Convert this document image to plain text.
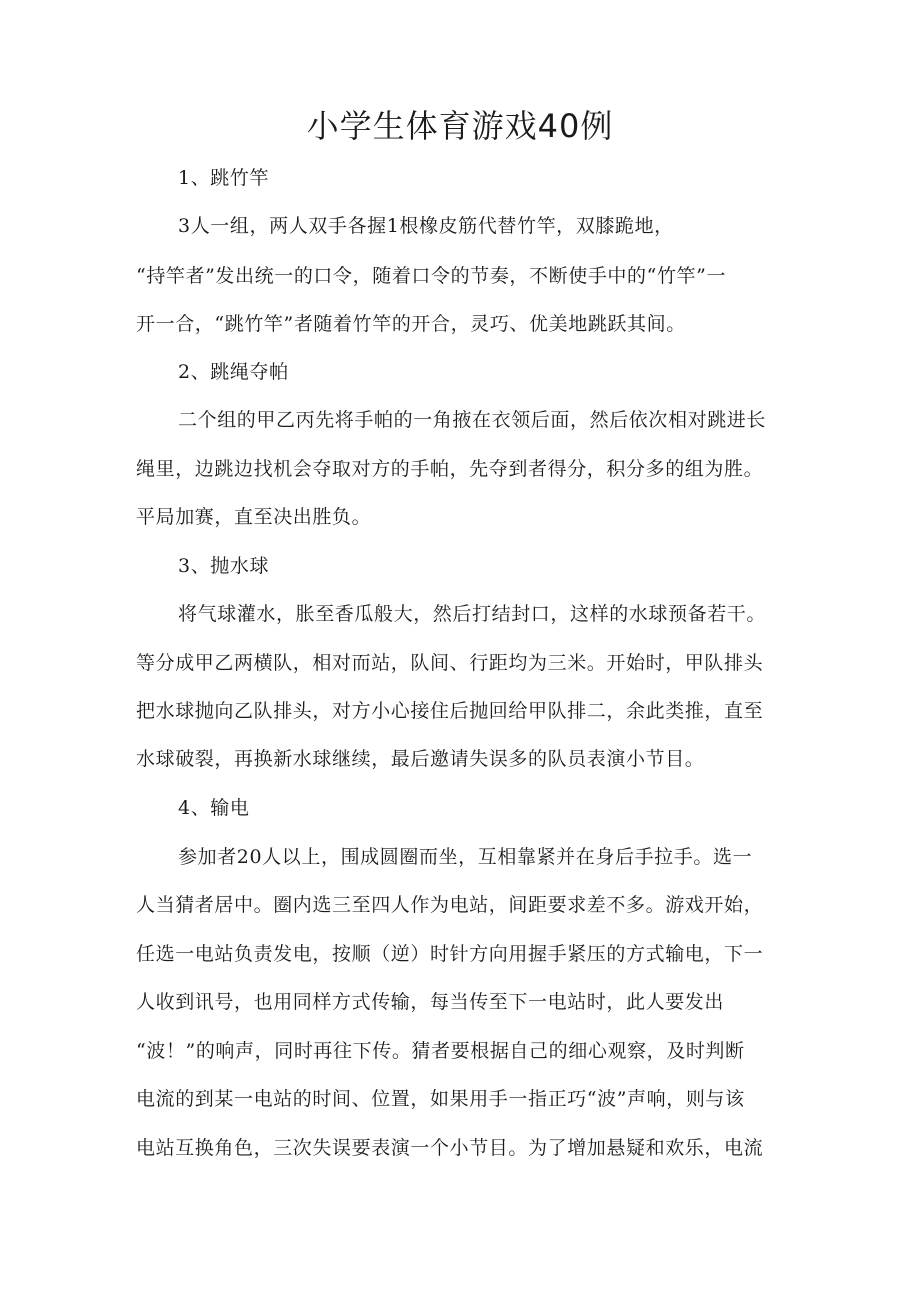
小学生体育游戏40例
1、跳竹竿
3人一组，两人双手各握1根橡皮筋代替竹竿，双膝跪地，
“持竿者”发出统一的口令，随着口令的节奏，不断使手中的“竹竿”一
开一合，“跳竹竿”者随着竹竿的开合，灵巧、优美地跳跃其间。
2、跳绳夺帕
二个组的甲乙丙先将手帕的一角掖在衣领后面，然后依次相对跳进长
绳里，边跳边找机会夺取对方的手帕，先夺到者得分，积分多的组为胜。
平局加赛，直至决出胜负。
3、抛水球
将气球灌水，胀至香瓜般大，然后打结封口，这样的水球预备若干。
等分成甲乙两横队，相对而站，队间、行距均为三米。开始时，甲队排头
把水球抛向乙队排头，对方小心接住后抛回给甲队排二，余此类推，直至
水球破裂，再换新水球继续，最后邀请失误多的队员表演小节目。
4、输电
参加者20人以上，围成圆圈而坐，互相靠紧并在身后手拉手。选一
人当猜者居中。圈内选三至四人作为电站，间距要求差不多。游戏开始，
任选一电站负责发电，按顺（逆）时针方向用握手紧压的方式输电，下一
人收到讯号，也用同样方式传输，每当传至下一电站时，此人要发出
“波！”的响声，同时再往下传。猜者要根据自己的细心观察，及时判断
电流的到某一电站的时间、位置，如果用手一指正巧“波”声响，则与该
电站互换角色，三次失误要表演一个小节目。为了增加悬疑和欢乐，电流
